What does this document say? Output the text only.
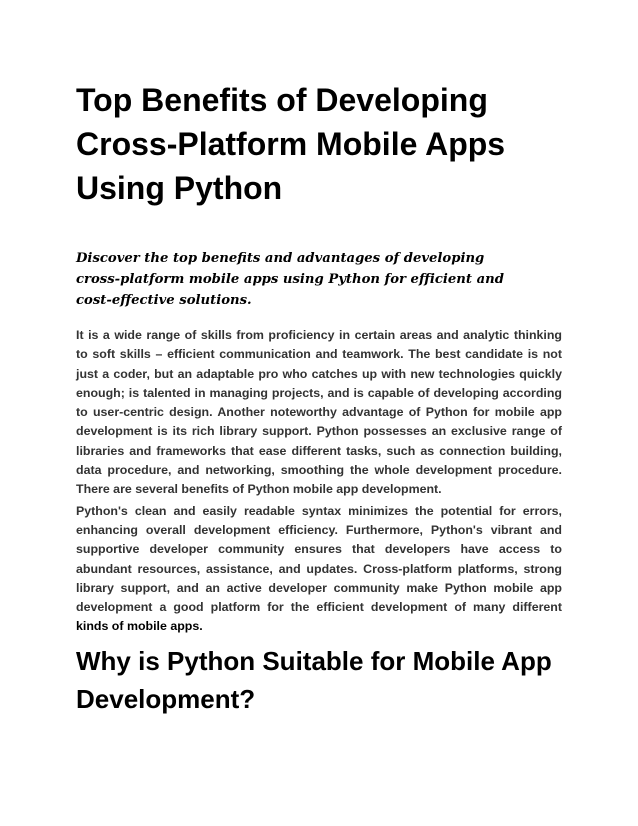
Top Benefits of Developing Cross-Platform Mobile Apps Using Python

Discover the top benefits and advantages of developing cross-platform mobile apps using Python for efficient and cost-effective solutions.

It is a wide range of skills from proficiency in certain areas and analytic thinking to soft skills – efficient communication and teamwork. The best candidate is not just a coder, but an adaptable pro who catches up with new technologies quickly enough; is talented in managing projects, and is capable of developing according to user-centric design. Another noteworthy advantage of Python for mobile app development is its rich library support. Python possesses an exclusive range of libraries and frameworks that ease different tasks, such as connection building, data procedure, and networking, smoothing the whole development procedure. There are several benefits of Python mobile app development.

Python's clean and easily readable syntax minimizes the potential for errors, enhancing overall development efficiency. Furthermore, Python's vibrant and supportive developer community ensures that developers have access to abundant resources, assistance, and updates. Cross-platform platforms, strong library support, and an active developer community make Python mobile app development a good platform for the efficient development of many different kinds of mobile apps.

Why is Python Suitable for Mobile App Development?
